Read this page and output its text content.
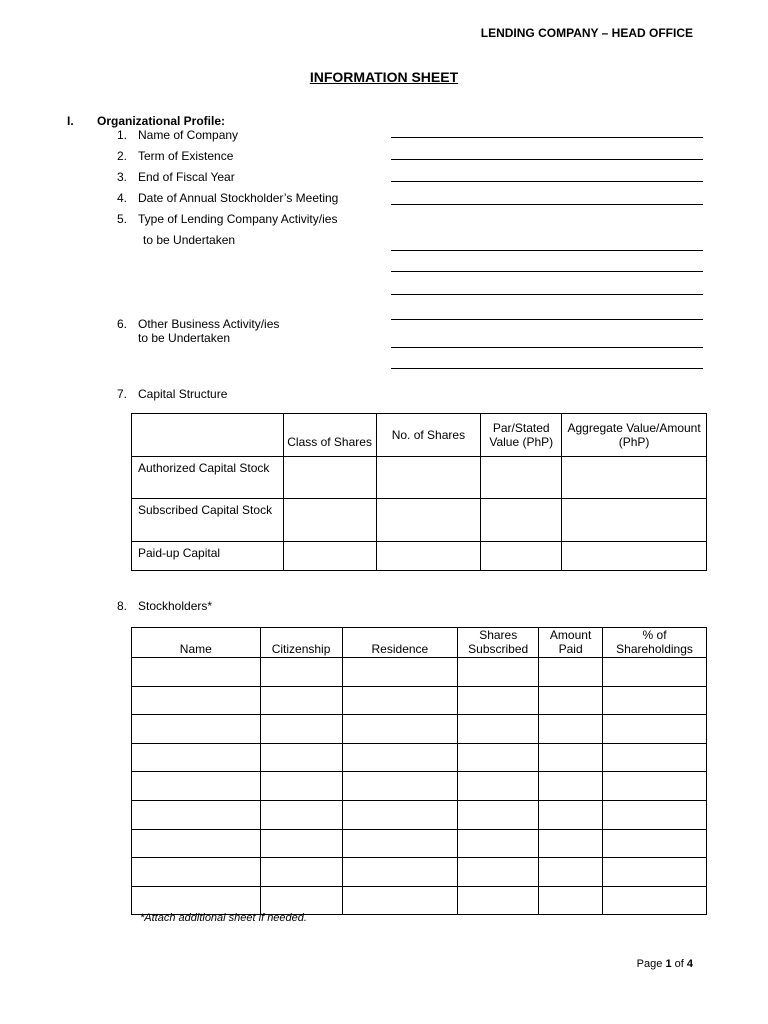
LENDING COMPANY – HEAD OFFICE
INFORMATION SHEET
I. Organizational Profile:
1. Name of Company
2. Term of Existence
3. End of Fiscal Year
4. Date of Annual Stockholder’s Meeting
5. Type of Lending Company Activity/ies
to be Undertaken
6. Other Business Activity/ies
to be Undertaken
7. Capital Structure
	Class of Shares	No. of Shares	Par/Stated Value (PhP)	Aggregate Value/Amount (PhP)
Authorized Capital Stock				
Subscribed Capital Stock				
Paid-up Capital				
8. Stockholders*
Name	Citizenship	Residence	Shares Subscribed	Amount Paid	% of Shareholdings

*Attach additional sheet if needed.
Page 1 of 4
